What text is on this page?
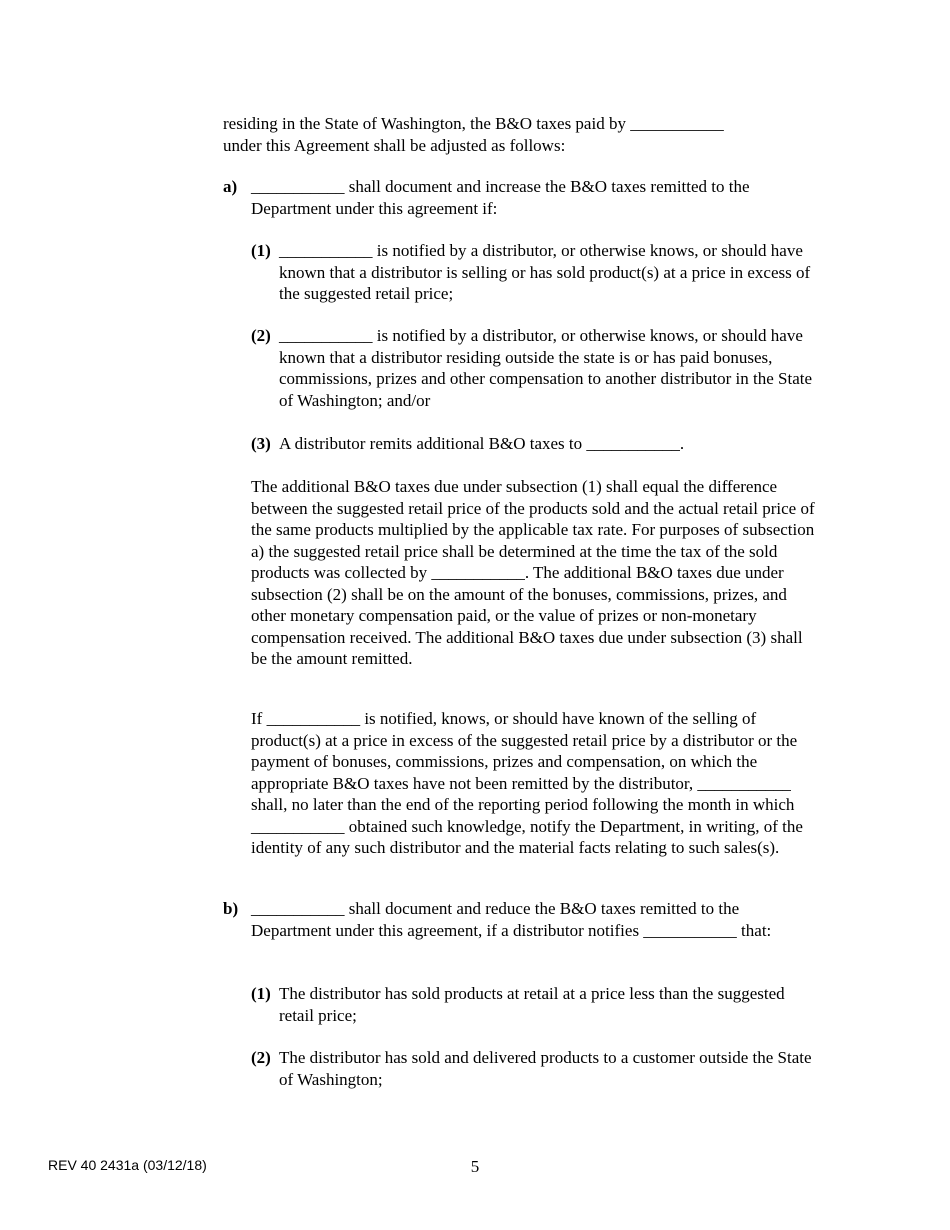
residing in the State of Washington, the B&O taxes paid by ___________

under this Agreement shall be adjusted as follows:

a) ___________ shall document and increase the B&O taxes remitted to the Department under this agreement if:
(1) ___________ is notified by a distributor, or otherwise knows, or should have known that a distributor is selling or has sold product(s) at a price in excess of the suggested retail price;
(2) ___________ is notified by a distributor, or otherwise knows, or should have known that a distributor residing outside the state is or has paid bonuses, commissions, prizes and other compensation to another distributor in the State of Washington; and/or
(3) A distributor remits additional B&O taxes to ___________.

The additional B&O taxes due under subsection (1) shall equal the difference between the suggested retail price of the products sold and the actual retail price of the same products multiplied by the applicable tax rate. For purposes of subsection a) the suggested retail price shall be determined at the time the tax of the sold products was collected by ___________. The additional B&O taxes due under subsection (2) shall be on the amount of the bonuses, commissions, prizes, and other monetary compensation paid, or the value of prizes or non-monetary compensation received. The additional B&O taxes due under subsection (3) shall be the amount remitted.

If ___________ is notified, knows, or should have known of the selling of product(s) at a price in excess of the suggested retail price by a distributor or the payment of bonuses, commissions, prizes and compensation, on which the appropriate B&O taxes have not been remitted by the distributor, ___________ shall, no later than the end of the reporting period following the month in which ___________ obtained such knowledge, notify the Department, in writing, of the identity of any such distributor and the material facts relating to such sales(s).

b) ___________ shall document and reduce the B&O taxes remitted to the Department under this agreement, if a distributor notifies ___________ that:
(1) The distributor has sold products at retail at a price less than the suggested retail price;
(2) The distributor has sold and delivered products to a customer outside the State of Washington;
REV 40 2431a (03/12/18)	5
